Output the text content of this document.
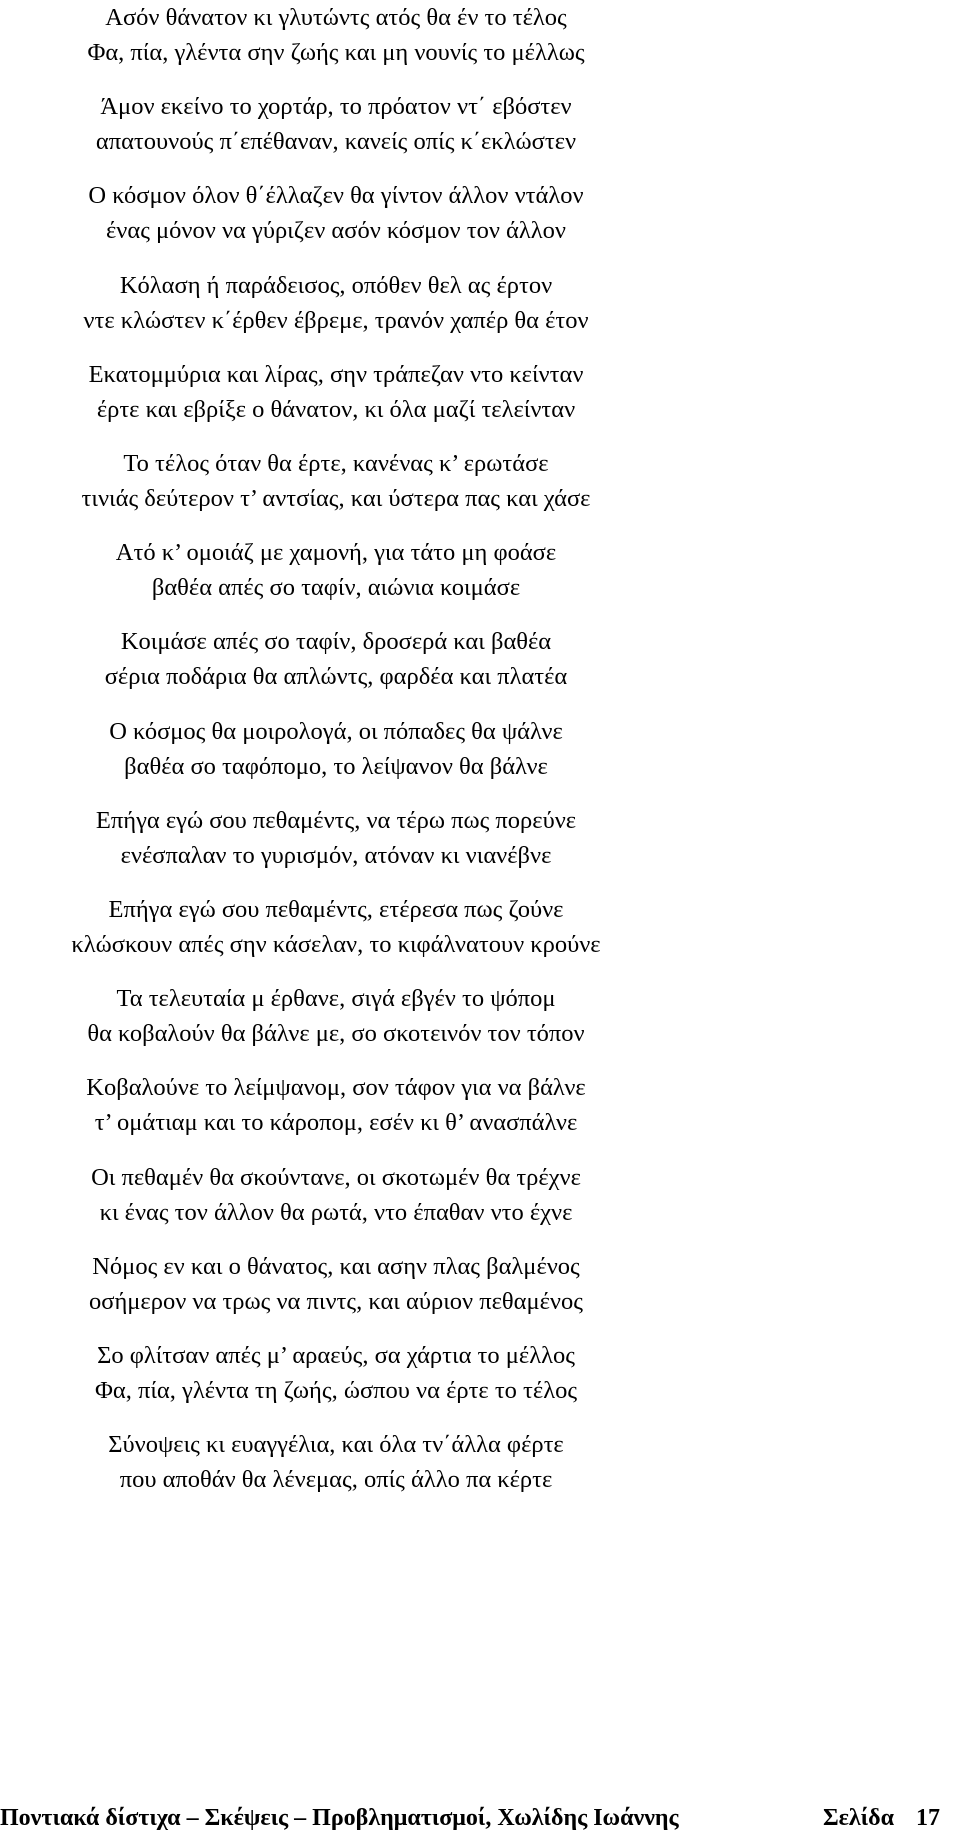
Ασόν θάνατον κι γλυτώντς ατός θα έν το τέλος
Φα, πία, γλέντα σην ζωής και μη νουνίς το μέλλως
Άμον εκείνο το χορτάρ, το πρόατον ντ΄ εβόστεν
απατουνούς π΄επέθαναν, κανείς οπίς κ΄εκλώστεν
Ο κόσμον όλον θ΄έλλαζεν θα γίντον άλλον ντάλον
ένας μόνον να γύριζεν ασόν κόσμον τον άλλον
Κόλαση ή παράδεισος, οπόθεν θελ ας έρτον
ντε κλώστεν κ΄έρθεν έβρεμε, τρανόν χαπέρ θα έτον
Εκατομμύρια και λίρας, σην τράπεζαν ντο κείνταν
έρτε και εβρίξε ο θάνατον, κι όλα μαζί τελείνταν
Το τέλος όταν θα έρτε, κανένας κ’ ερωτάσε
τινιάς δεύτερον τ’ αντσίας, και ύστερα πας και χάσε
Ατό κ’ ομοιάζ με χαμονή, για τάτο μη φοάσε
βαθέα απές σο ταφίν, αιώνια κοιμάσε
Κοιμάσε απές σο ταφίν, δροσερά και βαθέα
σέρια ποδάρια θα απλώντς, φαρδέα και πλατέα
Ο κόσμος θα μοιρολογά, οι πόπαδες θα ψάλνε
βαθέα σο ταφόπομο, το λείψανον θα βάλνε
Επήγα εγώ σου πεθαμέντς, να τέρω πως πορεύνε
ενέσπαλαν το γυρισμόν, ατόναν κι νιανέβνε
Επήγα εγώ σου πεθαμέντς, ετέρεσα πως ζούνε
κλώσκουν απές σην κάσελαν, το κιφάλνατουν κρούνε
Τα τελευταία μ έρθανε, σιγά εβγέν το ψόπομ
θα κοβαλούν θα βάλνε με, σο σκοτεινόν τον τόπον
Κοβαλούνε το λείμψανομ, σον τάφον για να βάλνε
τ’ ομάτιαμ και το κάροπομ, εσέν κι θ’ ανασπάλνε
Οι πεθαμέν θα σκούντανε, οι σκοτωμέν θα τρέχνε
κι ένας τον άλλον θα ρωτά, ντο έπαθαν ντο έχνε
Νόμος εν και ο θάνατος, και ασην πλας βαλμένος
οσήμερον να τρως να πιντς, και αύριον πεθαμένος
Σο φλίτσαν απές μ’ αραεύς, σα χάρτια το μέλλος
Φα, πία, γλέντα τη ζωής, ώσπου να έρτε το τέλος
Σύνοψεις κι ευαγγέλια, και όλα τν΄άλλα φέρτε
που αποθάν θα λένεμας, οπίς άλλο πα κέρτε
Ποντιακά δίστιχα – Σκέψεις – Προβληματισμοί, Χωλίδης Ιωάννης	Σελίδα 17
